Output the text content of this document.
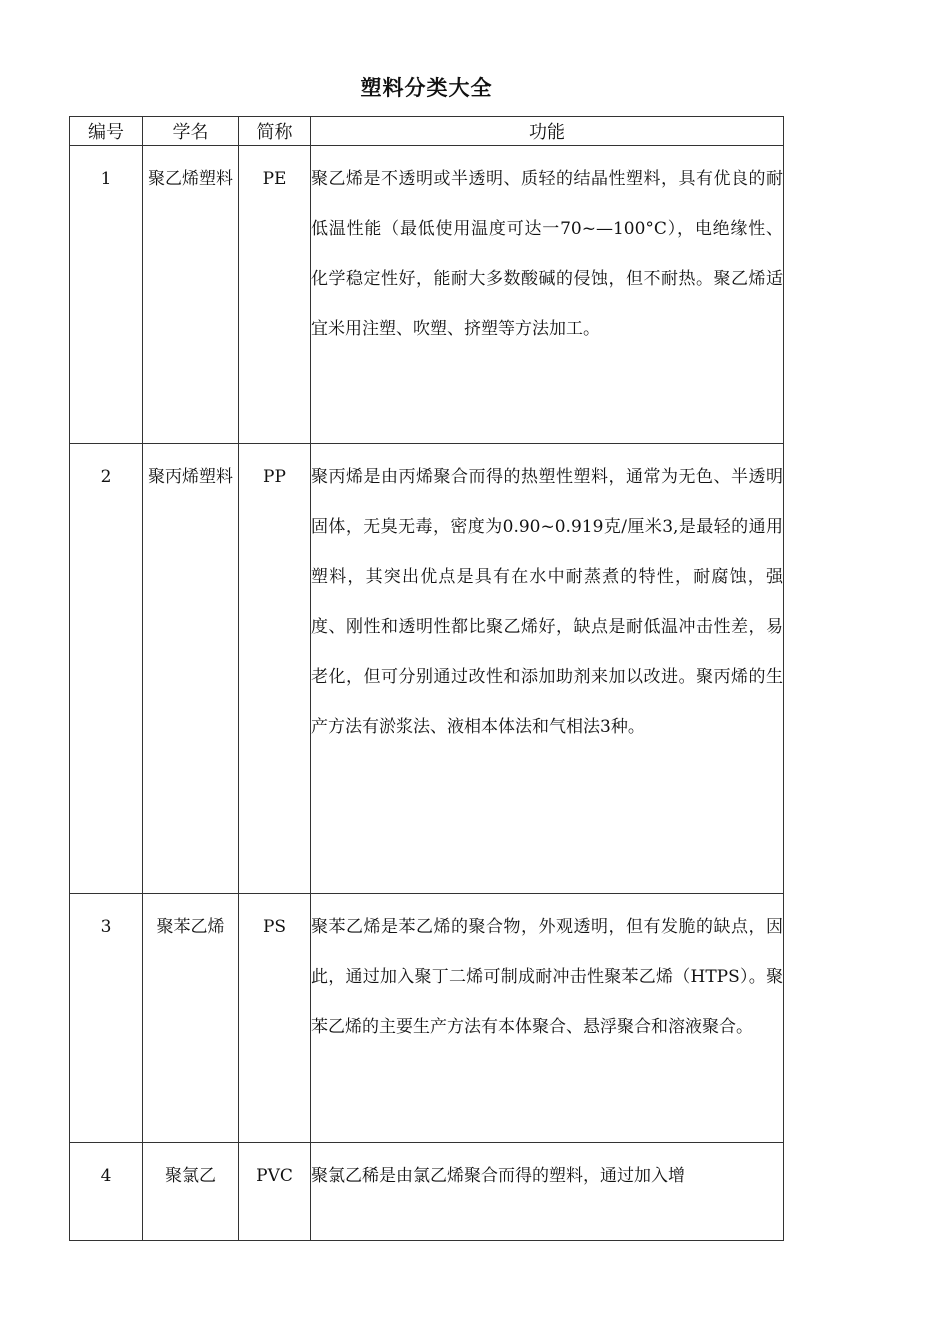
塑料分类大全
编号	学名	简称	功能
1	聚乙烯塑料	PE	聚乙烯是不透明或半透明、质轻的结晶性塑料，具有优良的耐低温性能（最低使用温度可达一70~—100°C），电绝缘性、化学稳定性好，能耐大多数酸碱的侵蚀，但不耐热。聚乙烯适宜米用注塑、吹塑、挤塑等方法加工。
2	聚丙烯塑料	PP	聚丙烯是由丙烯聚合而得的热塑性塑料，通常为无色、半透明固体，无臭无毒，密度为0.90~0.919克/厘米3,是最轻的通用塑料，其突出优点是具有在水中耐蒸煮的特性，耐腐蚀，强度、刚性和透明性都比聚乙烯好，缺点是耐低温冲击性差，易老化，但可分别通过改性和添加助剂来加以改进。聚丙烯的生产方法有淤浆法、液相本体法和气相法3种。
3	聚苯乙烯	PS	聚苯乙烯是苯乙烯的聚合物，外观透明，但有发脆的缺点，因此，通过加入聚丁二烯可制成耐冲击性聚苯乙烯（HTPS）。聚苯乙烯的主要生产方法有本体聚合、悬浮聚合和溶液聚合。
4	聚氯乙	PVC	聚氯乙稀是由氯乙烯聚合而得的塑料，通过加入增
